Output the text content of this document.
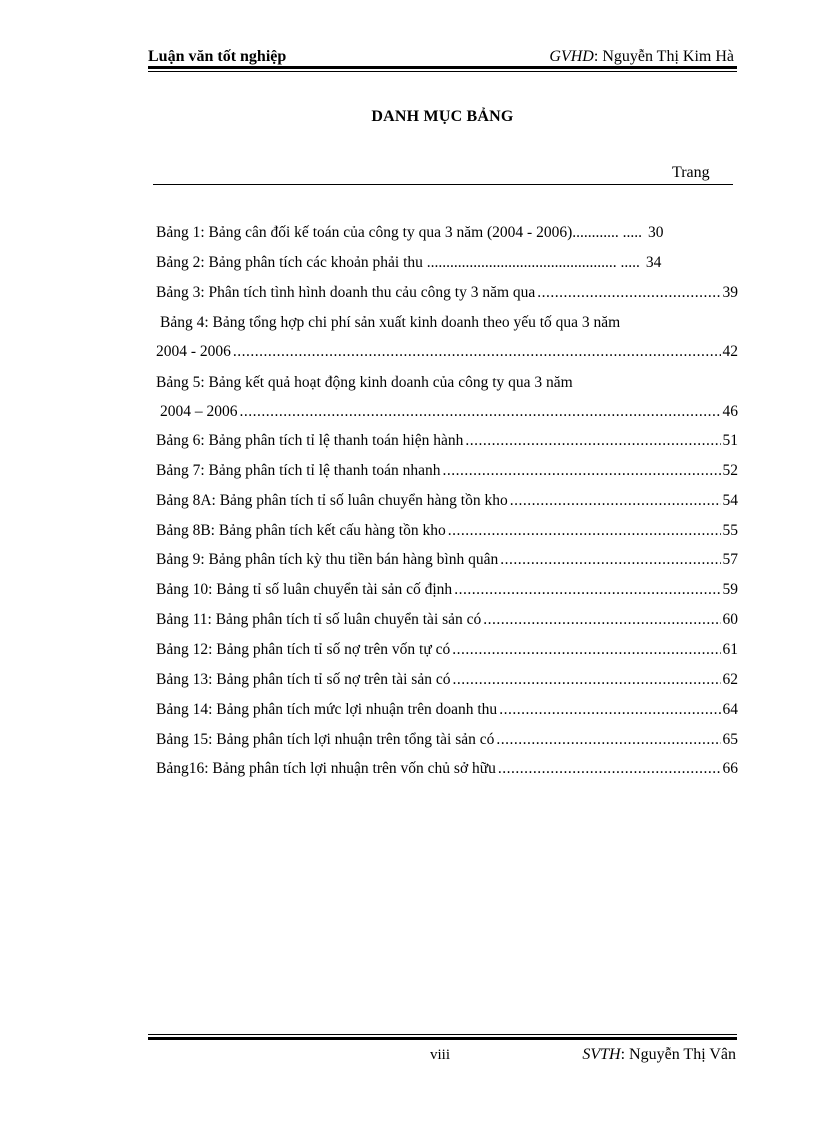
Luận văn tốt nghiệp	GVHD: Nguyễn Thị Kim Hà
DANH MỤC BẢNG
Trang
Bảng 1: Bảng cân đối kế toán của công ty qua 3 năm (2004 - 2006)............ ..... 30
Bảng 2: Bảng phân tích các khoản phải thu ................................................. ..... 34
Bảng 3: Phân tích tình hình doanh thu cảu công ty 3 năm qua .....	39
Bảng 4: Bảng tổng hợp chi phí sản xuất kinh doanh theo yếu tố qua 3 năm
2004 - 2006 .....	42
Bảng 5: Bảng kết quả hoạt động kinh doanh của công ty qua 3 năm
2004 – 2006 .....	46
Bảng 6: Bảng phân tích tỉ lệ thanh toán hiện hành .....	51
Bảng 7: Bảng phân tích tỉ lệ thanh toán nhanh .....	52
Bảng 8A: Bảng phân tích tỉ số luân chuyển hàng tồn kho .....	54
Bảng 8B: Bảng phân tích kết cấu hàng tồn kho .....	55
Bảng 9: Bảng phân tích kỳ thu tiền bán hàng bình quân .....	57
Bảng 10: Bảng tỉ số luân chuyển tài sản cố định .....	59
Bảng 11: Bảng phân tích tỉ số luân chuyển tài sản có .....	60
Bảng 12: Bảng phân tích tỉ số nợ trên vốn tự có .....	61
Bảng 13: Bảng phân tích tỉ số nợ trên tài sản có .....	62
Bảng 14: Bảng phân tích mức lợi nhuận trên doanh thu .....	64
Bảng 15: Bảng phân tích lợi nhuận trên tổng tài sản có .....	65
Bảng16: Bảng phân tích lợi nhuận trên vốn chủ sở hữu .....	66
viii	SVTH: Nguyễn Thị Vân
